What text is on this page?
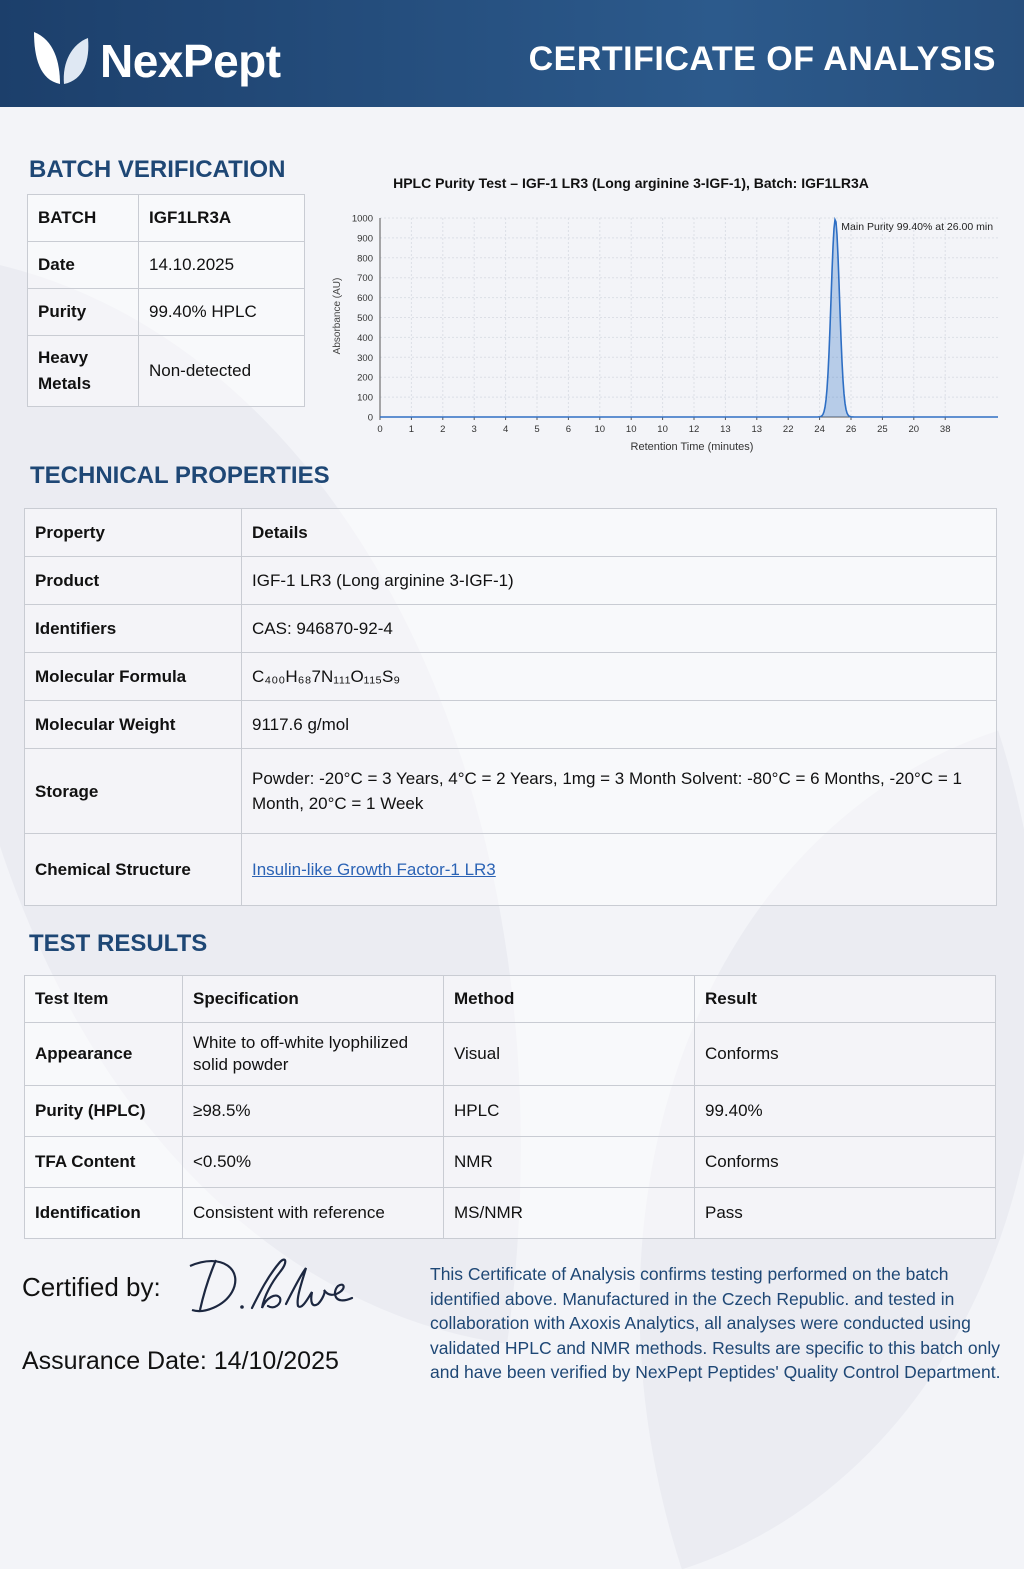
NexPept	CERTIFICATE OF ANALYSIS
BATCH VERIFICATION
BATCH	IGF1LR3A
Date	14.10.2025
Purity	99.40% HPLC
Heavy Metals	Non-detected
HPLC Purity Test – IGF-1 LR3 (Long arginine 3-IGF-1), Batch: IGF1LR3A
0
100
200
300
400
500
600
700
800
900
1000
0	1	2	3	4	5	6 10 10 10 12 13 13 22 24 26 25 20 38
Main Purity 99.40% at 26.00 min
Retention Time (minutes)
Absorbance (AU)
TECHNICAL PROPERTIES
Property	Details
Product	IGF-1 LR3 (Long arginine 3-IGF-1)
Identifiers	CAS: 946870-92-4
Molecular Formula	C₄₀₀H₆₈7N₁₁₁O₁₁₅S₉
Molecular Weight	9117.6 g/mol
Storage	Powder: -20°C = 3 Years, 4°C = 2 Years, 1mg = 3 Month Solvent: -80°C = 6 Months, -20°C = 1 Month, 20°C = 1 Week
Chemical Structure	Insulin-like Growth Factor-1 LR3
TEST RESULTS
Test Item	Specification	Method	Result
Appearance	White to off-white lyophilized solid powder	Visual	Conforms
Purity (HPLC)	≥98.5%	HPLC	99.40%
TFA Content	<0.50%	NMR	Conforms
Identification	Consistent with reference	MS/NMR	Pass
Certified by:
Assurance Date: 14/10/2025
This Certificate of Analysis confirms testing performed on the batch identified above. Manufactured in the Czech Republic. and tested in collaboration with Axoxis Analytics, all analyses were conducted using validated HPLC and NMR methods. Results are specific to this batch only and have been verified by NexPept Peptides' Quality Control Department.
